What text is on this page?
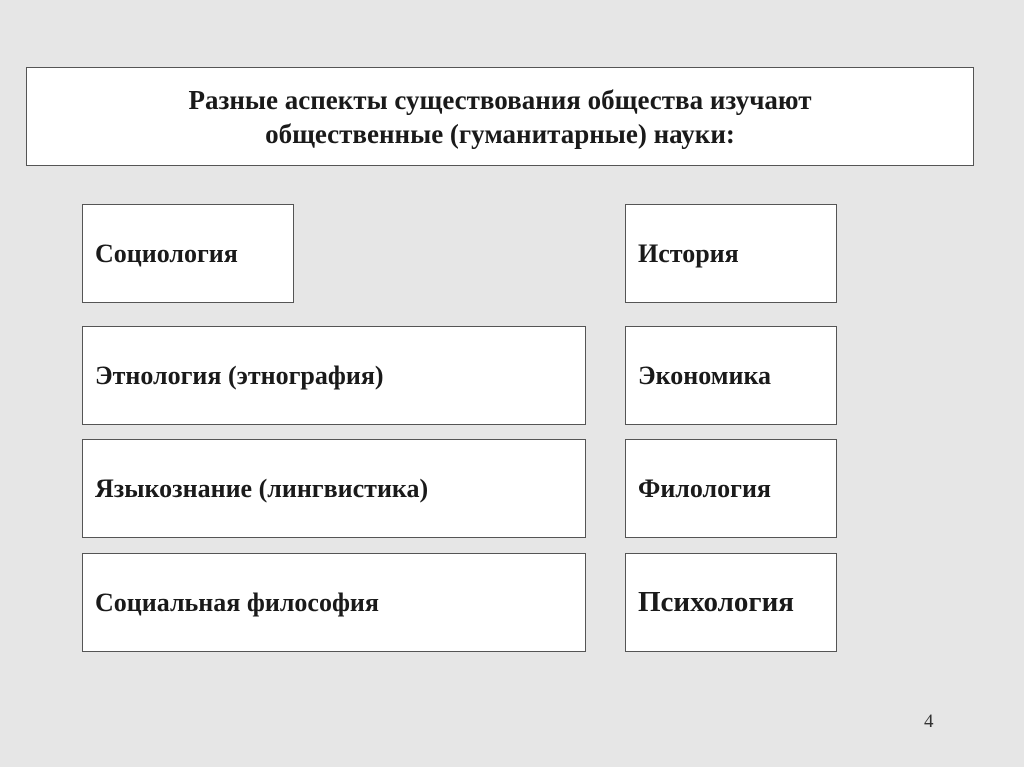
Разные аспекты существования общества изучают
общественные (гуманитарные) науки:
Социология	История
Этнология (этнография)	Экономика
Языкознание (лингвистика)	Филология
Социальная философия	Психология
4
